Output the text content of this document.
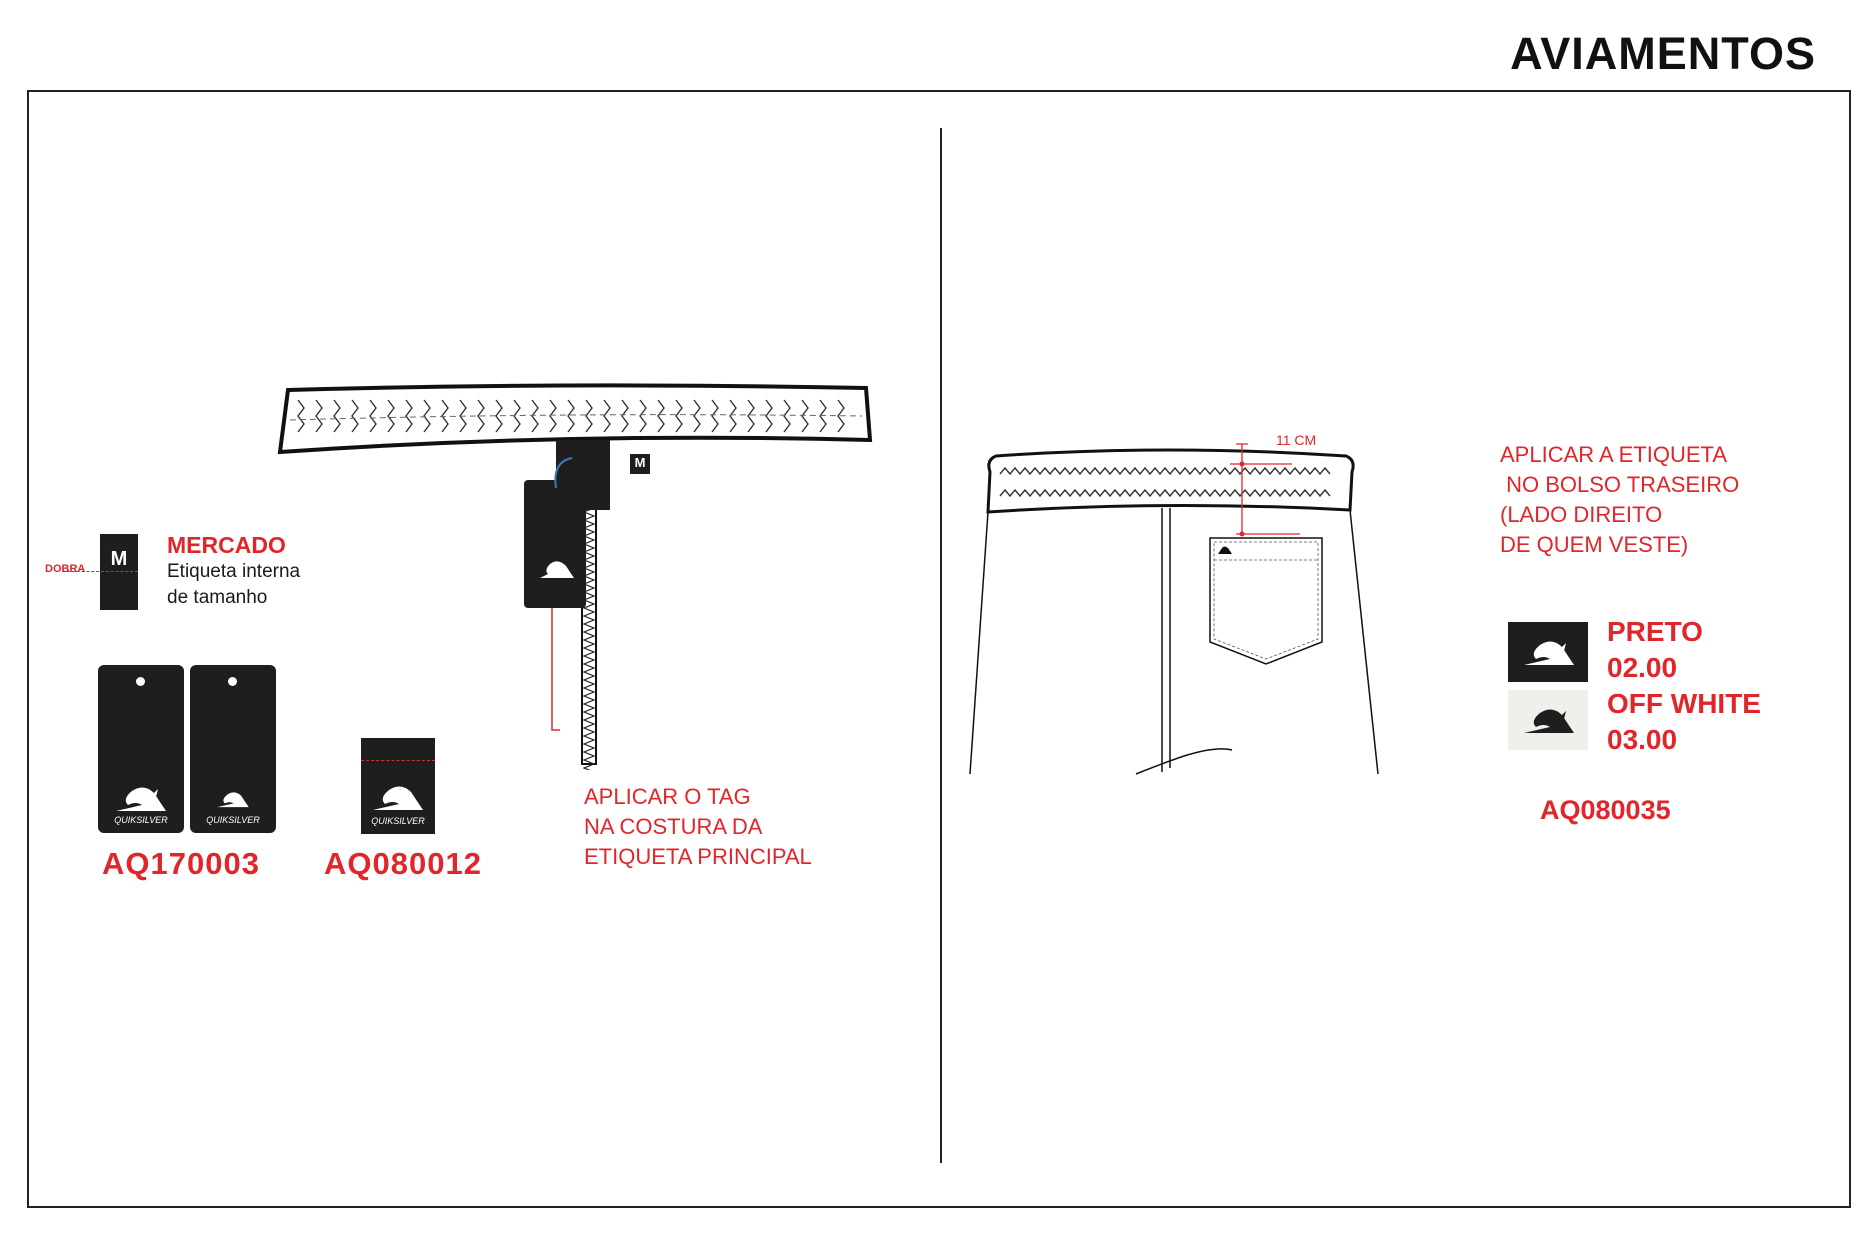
AVIAMENTOS
M
DOBRA
MERCADO
Etiqueta interna
de tamanho
QUIKSILVER	QUIKSILVER
AQ170003
QUIKSILVER
AQ080012
M
APLICAR O TAG
NA COSTURA DA
ETIQUETA PRINCIPAL
11 CM
APLICAR A ETIQUETA
NO BOLSO TRASEIRO
(LADO DIREITO
DE QUEM VESTE)
PRETO
02.00
OFF WHITE
03.00
AQ080035
